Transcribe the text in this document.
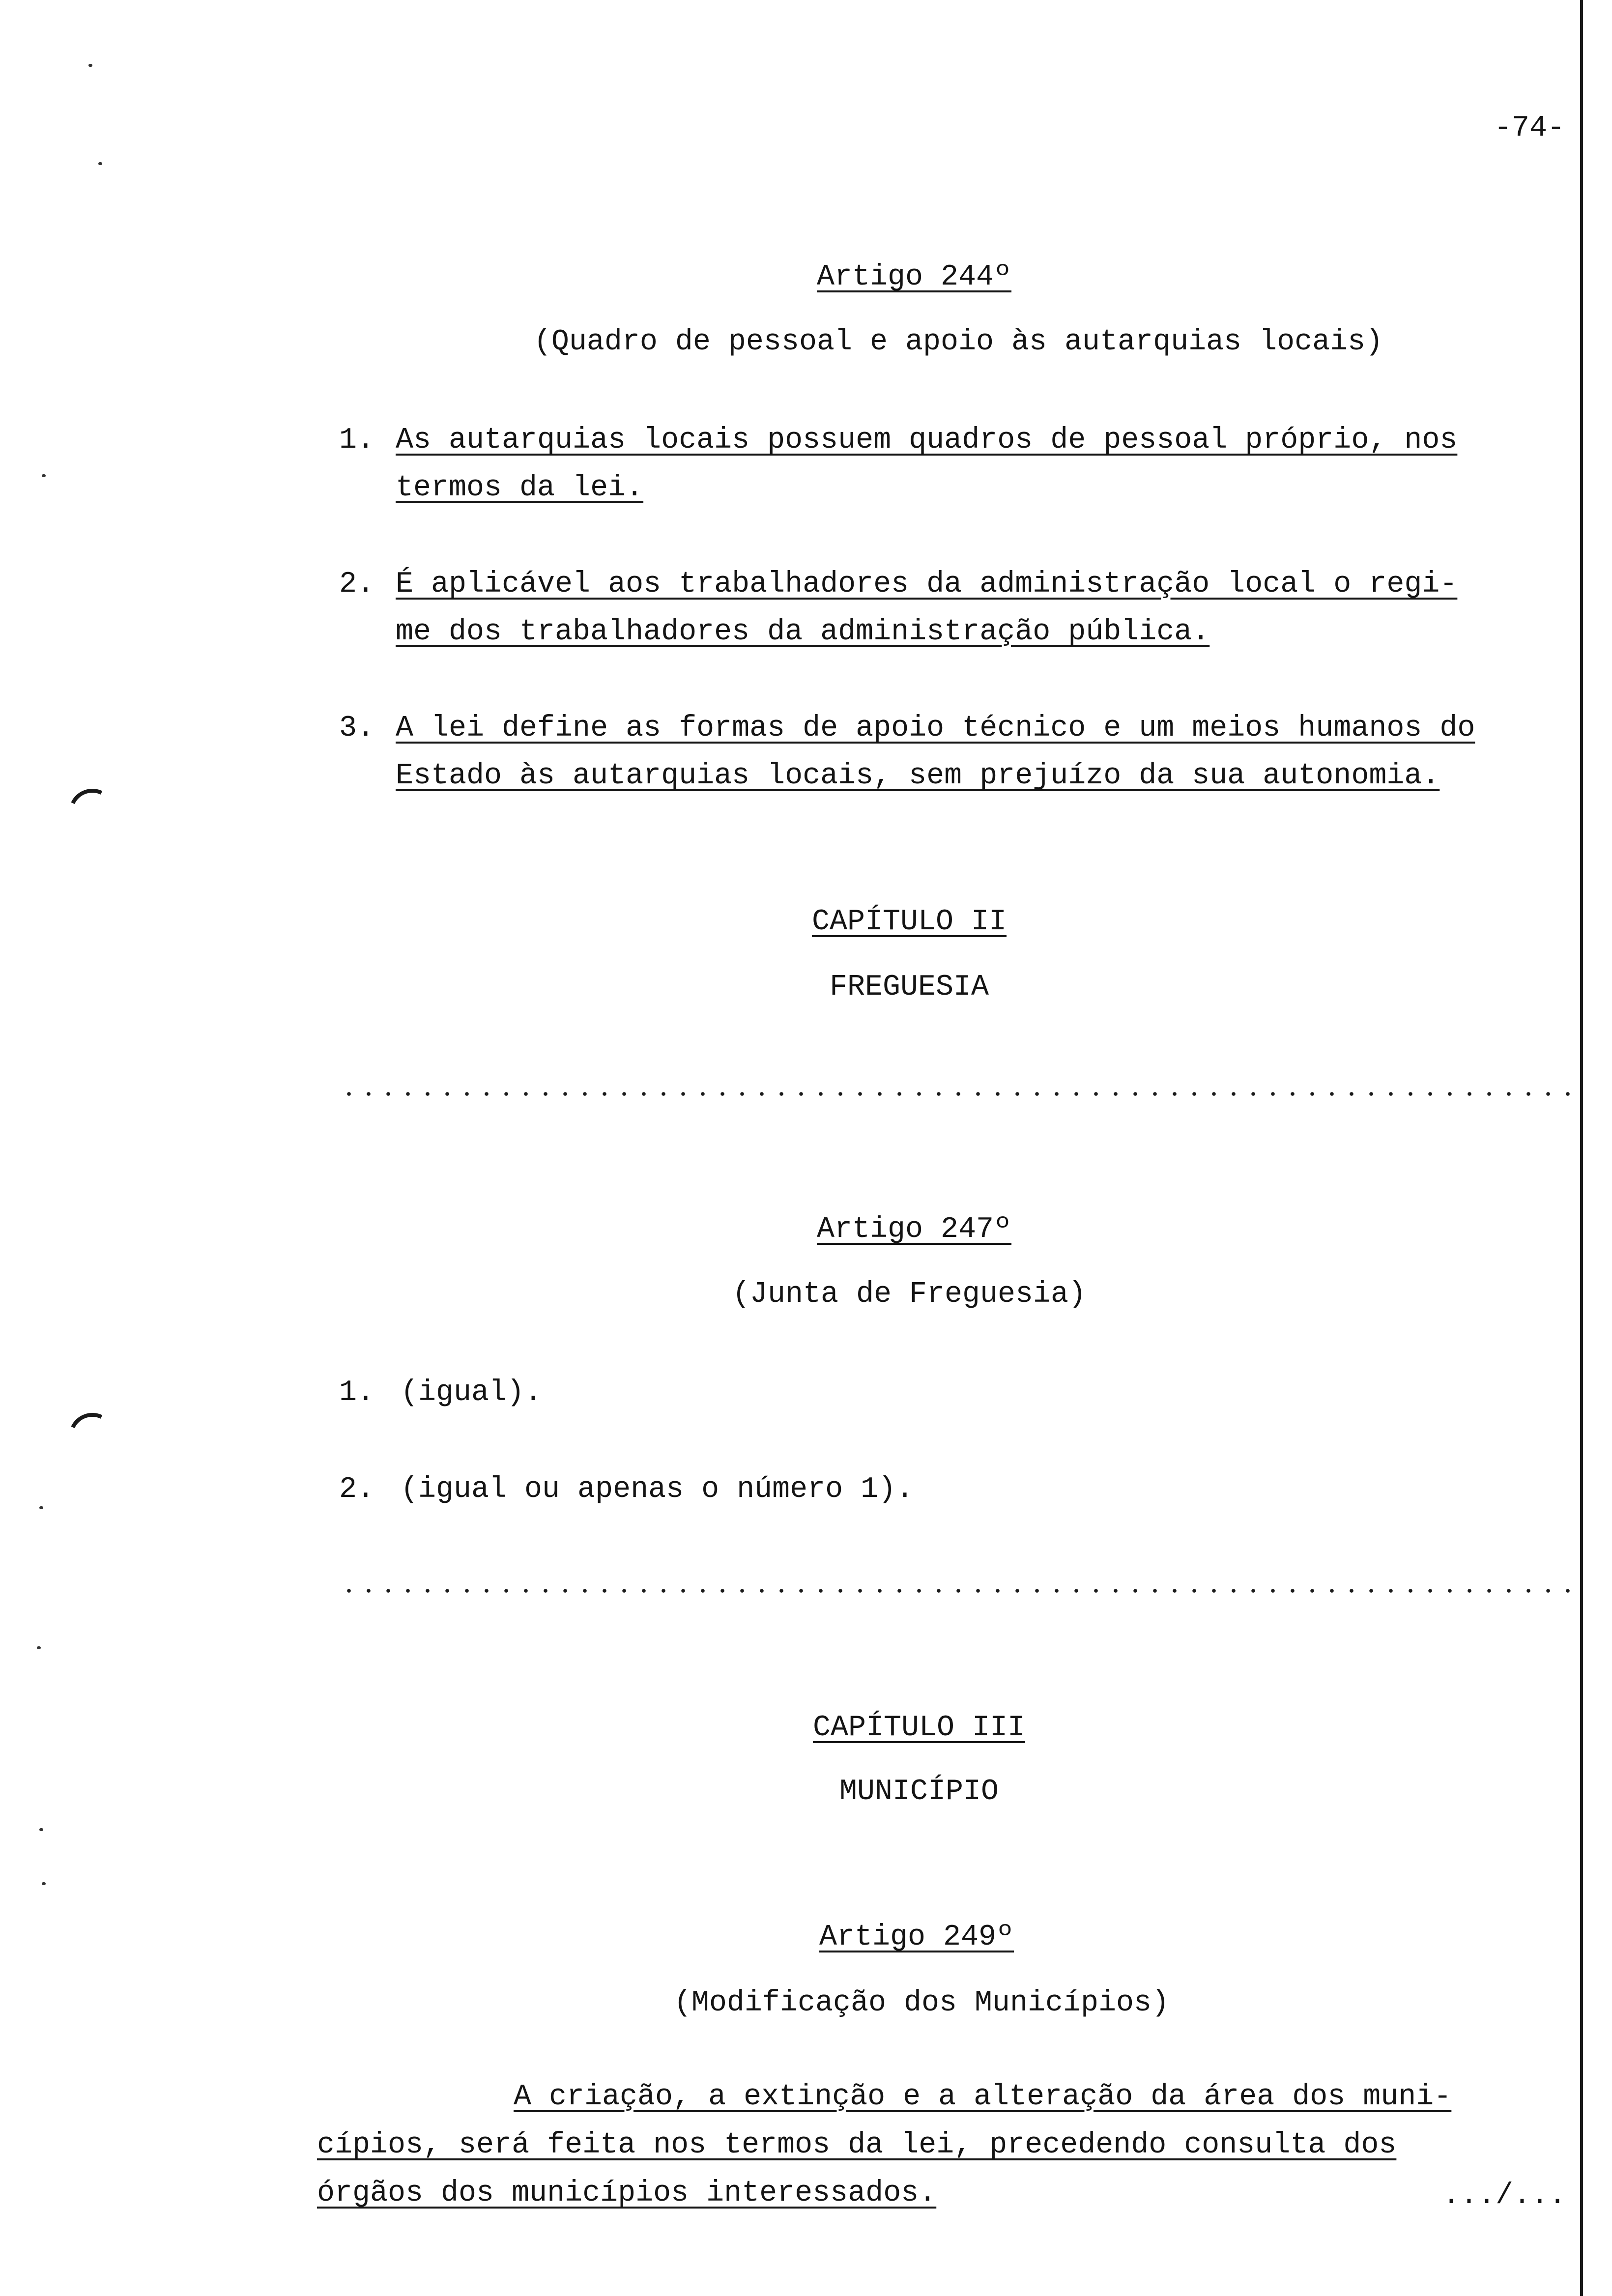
-74-
Artigo 244º
(Quadro de pessoal e apoio às autarquias locais)
1. As autarquias locais possuem quadros de pessoal próprio, nos
termos da lei.
2. É aplicável aos trabalhadores da administração local o regi-
me dos trabalhadores da administração pública.
3. A lei define as formas de apoio técnico e um meios humanos do
Estado às autarquias locais, sem prejuízo da sua autonomia.
CAPÍTULO II
FREGUESIA
Artigo 247º
(Junta de Freguesia)
1. (igual).
2. (igual ou apenas o número 1).
CAPÍTULO III
MUNICÍPIO
Artigo 249º
(Modificação dos Municípios)
A criação, a extinção e a alteração da área dos muni-
cípios, será feita nos termos da lei, precedendo consulta dos
órgãos dos municípios interessados.	.../...
